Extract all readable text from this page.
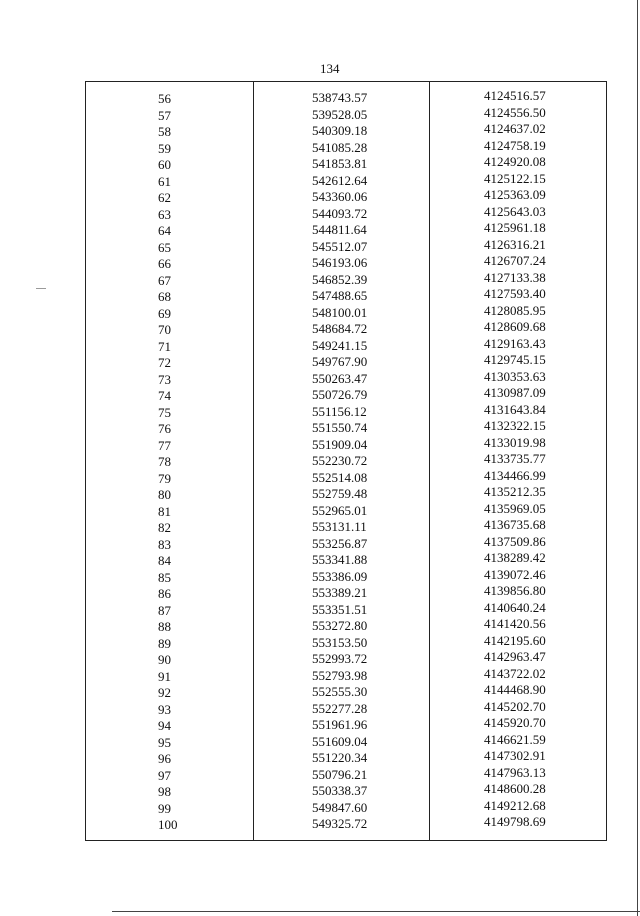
134
56	538743.57	4124516.57
57	539528.05	4124556.50
58	540309.18	4124637.02
59	541085.28	4124758.19
60	541853.81	4124920.08
61	542612.64	4125122.15
62	543360.06	4125363.09
63	544093.72	4125643.03
64	544811.64	4125961.18
65	545512.07	4126316.21
66	546193.06	4126707.24
67	546852.39	4127133.38
68	547488.65	4127593.40
69	548100.01	4128085.95
70	548684.72	4128609.68
71	549241.15	4129163.43
72	549767.90	4129745.15
73	550263.47	4130353.63
74	550726.79	4130987.09
75	551156.12	4131643.84
76	551550.74	4132322.15
77	551909.04	4133019.98
78	552230.72	4133735.77
79	552514.08	4134466.99
80	552759.48	4135212.35
81	552965.01	4135969.05
82	553131.11	4136735.68
83	553256.87	4137509.86
84	553341.88	4138289.42
85	553386.09	4139072.46
86	553389.21	4139856.80
87	553351.51	4140640.24
88	553272.80	4141420.56
89	553153.50	4142195.60
90	552993.72	4142963.47
91	552793.98	4143722.02
92	552555.30	4144468.90
93	552277.28	4145202.70
94	551961.96	4145920.70
95	551609.04	4146621.59
96	551220.34	4147302.91
97	550796.21	4147963.13
98	550338.37	4148600.28
99	549847.60	4149212.68
100	549325.72	4149798.69
